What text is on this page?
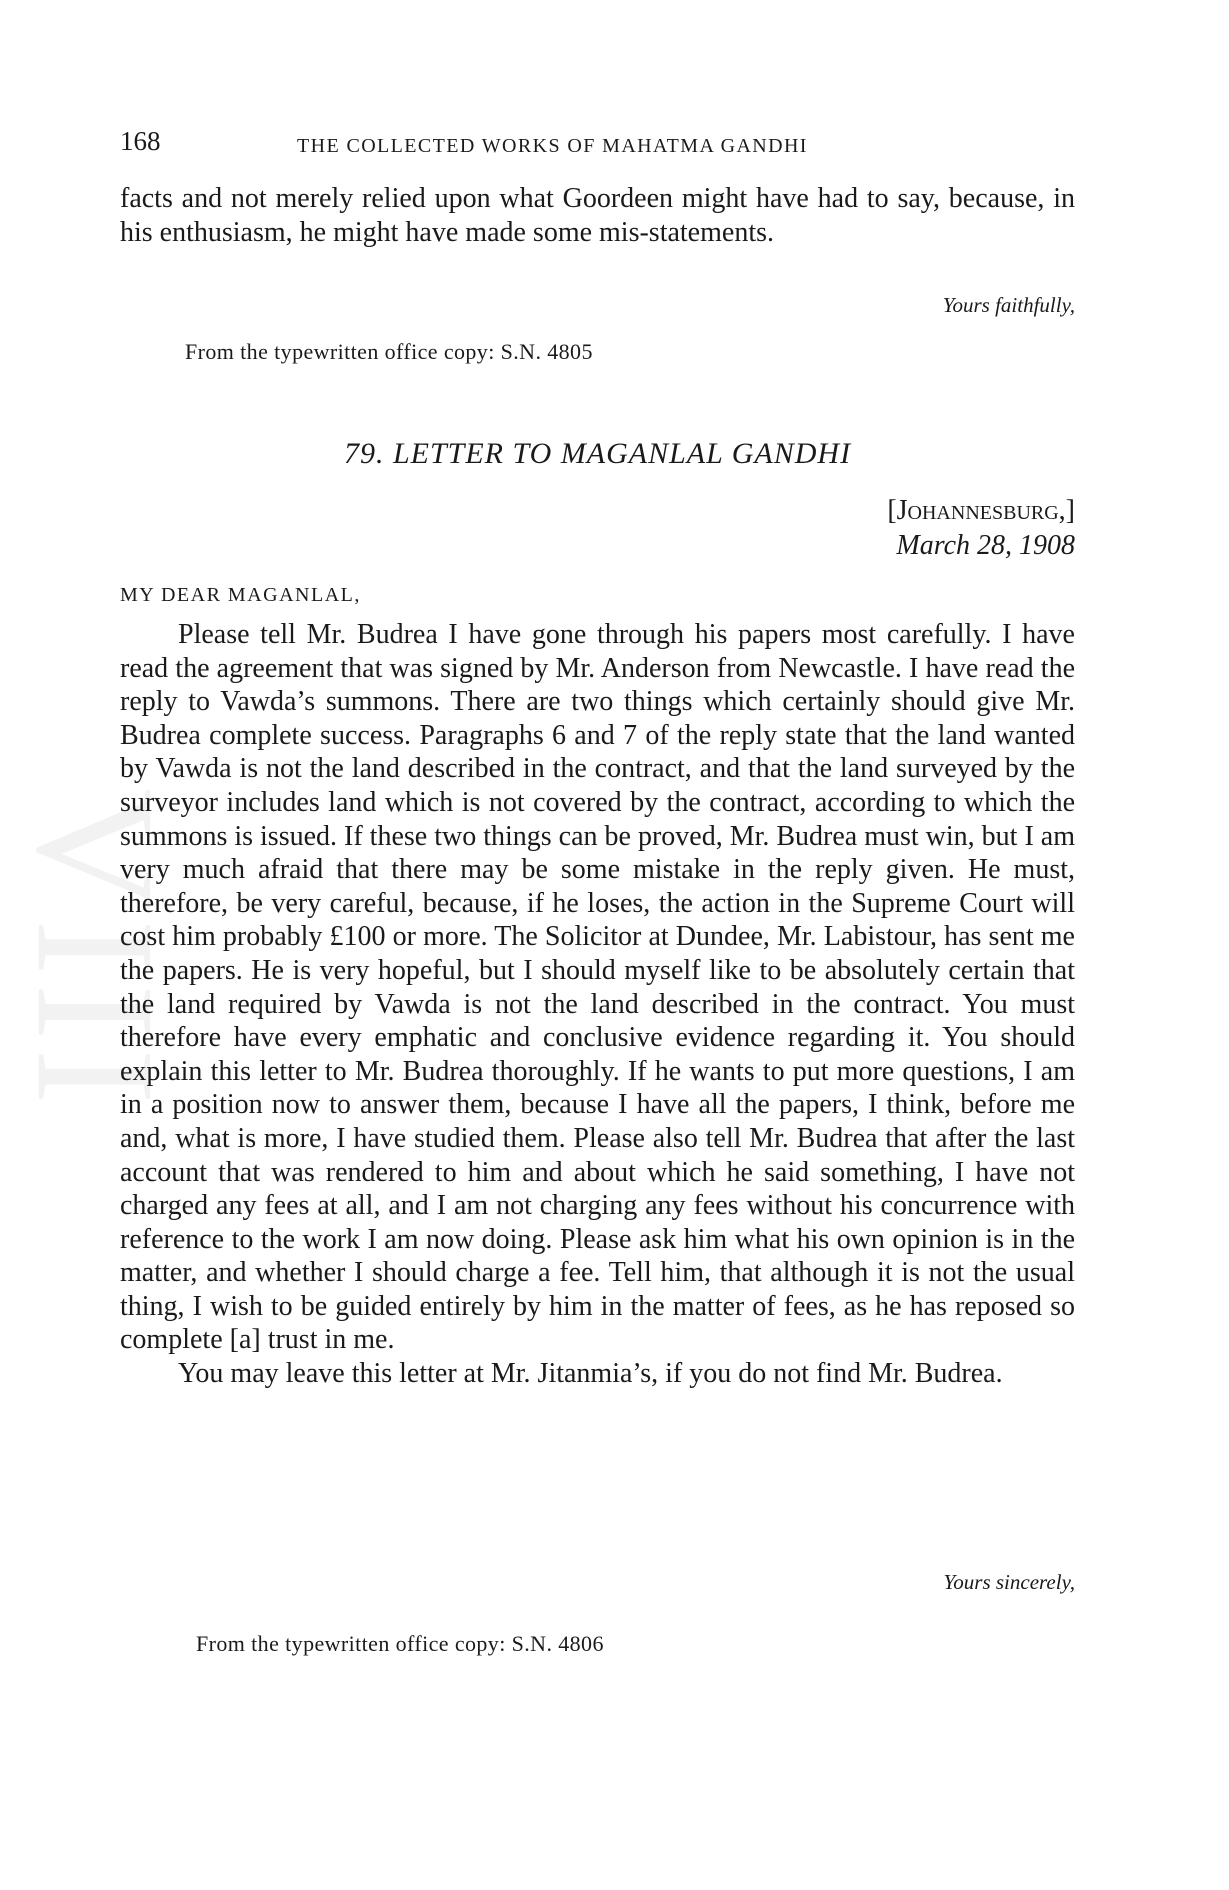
VIII
168	THE COLLECTED WORKS OF MAHATMA GANDHI

facts and not merely relied upon what Goordeen might have had to say, because, in his enthusiasm, he might have made some mis-statements.

Yours faithfully,
From the typewritten office copy: S.N. 4805
79. LETTER TO MAGANLAL GANDHI
[Johannesburg,]
March 28, 1908
MY DEAR MAGANLAL,

Please tell Mr. Budrea I have gone through his papers most carefully. I have read the agreement that was signed by Mr. Anderson from Newcastle. I have read the reply to Vawda’s summons. There are two things which certainly should give Mr. Budrea complete success. Paragraphs 6 and 7 of the reply state that the land wanted by Vawda is not the land described in the contract, and that the land surveyed by the surveyor includes land which is not covered by the contract, according to which the summons is issued. If these two things can be proved, Mr. Budrea must win, but I am very much afraid that there may be some mistake in the reply given. He must, therefore, be very careful, because, if he loses, the action in the Supreme Court will cost him probably £100 or more. The Solicitor at Dundee, Mr. Labistour, has sent me the papers. He is very hopeful, but I should myself like to be absolutely certain that the land required by Vawda is not the land described in the contract. You must therefore have every emphatic and conclusive evidence regarding it. You should explain this letter to Mr. Budrea thoroughly. If he wants to put more questions, I am in a position now to answer them, because I have all the papers, I think, before me and, what is more, I have studied them. Please also tell Mr. Budrea that after the last account that was rendered to him and about which he said something, I have not charged any fees at all, and I am not charging any fees without his concurrence with reference to the work I am now doing. Please ask him what his own opinion is in the matter, and whether I should charge a fee. Tell him, that although it is not the usual thing, I wish to be guided entirely by him in the matter of fees, as he has reposed so complete [a] trust in me.

You may leave this letter at Mr. Jitanmia’s, if you do not find Mr. Budrea.

Yours sincerely,
From the typewritten office copy: S.N. 4806
